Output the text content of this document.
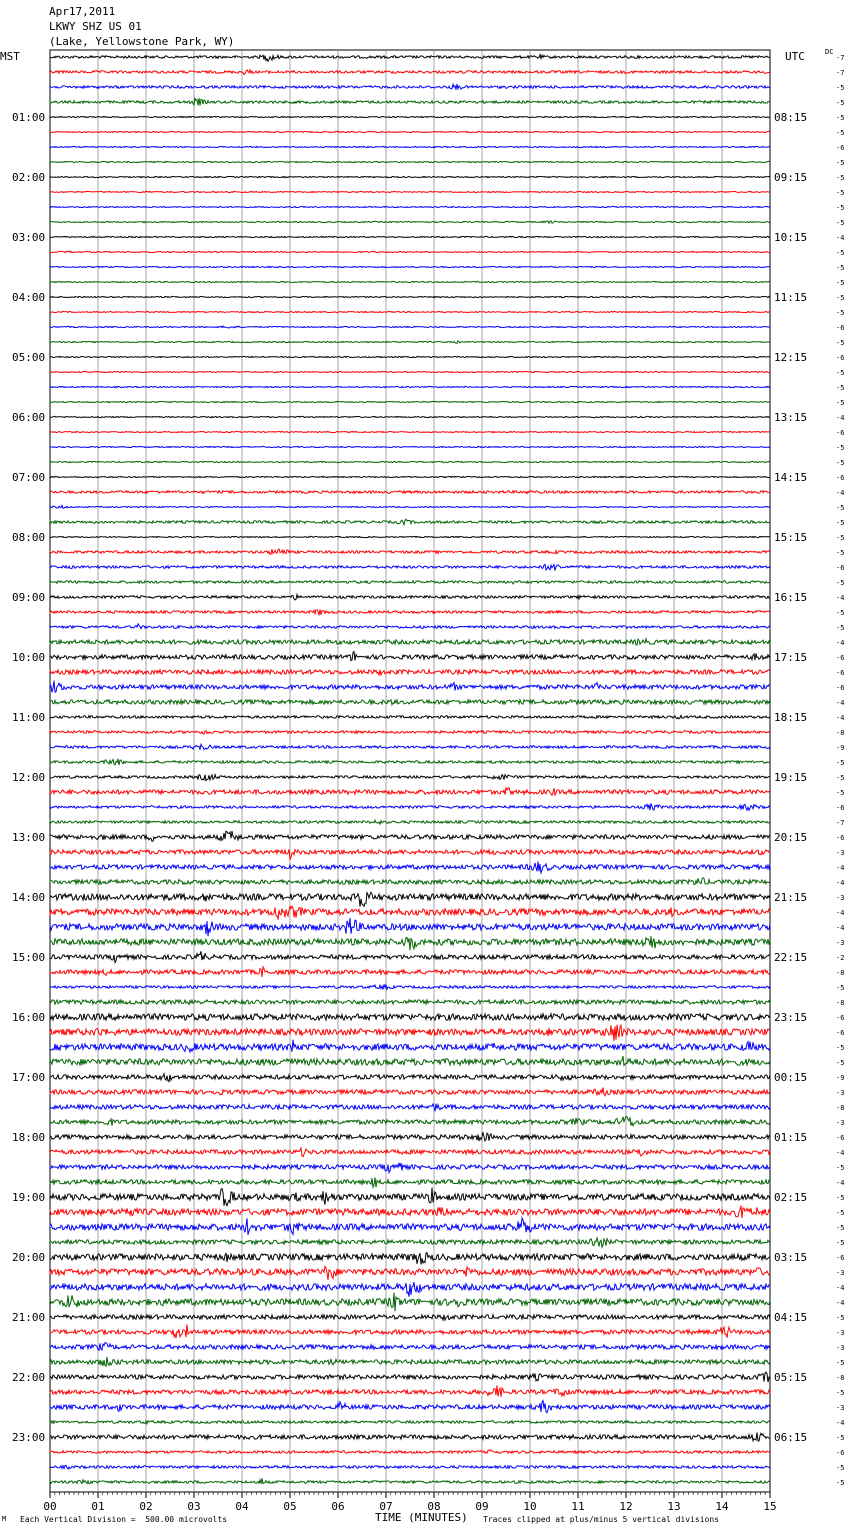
Apr17,2011
LKWY SHZ US 01
(Lake, Yellowstone Park, WY)
MST	UTC	DC
-7
-7
-5
-5
-5
-5
-6
-5
-5
-5
-5
-5
-4
-5
-5
-5
-5
-5
-6
-5
-6
-5
-5
-5
-4
-6
-5
-5
-6
-4
-5
-5
-5
-5
-6
-5
-4
-5
-5
-4
-6
-6
-6
-4
-4
-8
-9
-5
-5
-5
-6
-7
-6
-3
-4
-4
-3
-4
-4
-3
-2
-8
-5
-8
-6
-6
-5
-5
-9
-3
-8
-3
-6
-4
-5
-4
-5
-5
-5
-5
-6
-3
-4
-4
-5
-3
-3
-5
-8
-5
-3
-4
-5
-6
-5
-5
01:00	08:15
02:00	09:15
03:00	10:15
04:00	11:15
05:00	12:15
06:00	13:15
07:00	14:15
08:00	15:15
09:00	16:15
10:00	17:15
11:00	18:15
12:00	19:15
13:00	20:15
14:00	21:15
15:00	22:15
16:00	23:15
17:00	00:15
18:00	01:15
19:00	02:15
20:00	03:15
21:00	04:15
22:00	05:15
23:00	06:15
00	01	02	03	04	05	06	07	08	09	10	11	12	13	14	15
M Each Vertical Division =  500.00 microvolts	TIME (MINUTES) Traces clipped at plus/minus 5 vertical divisions
